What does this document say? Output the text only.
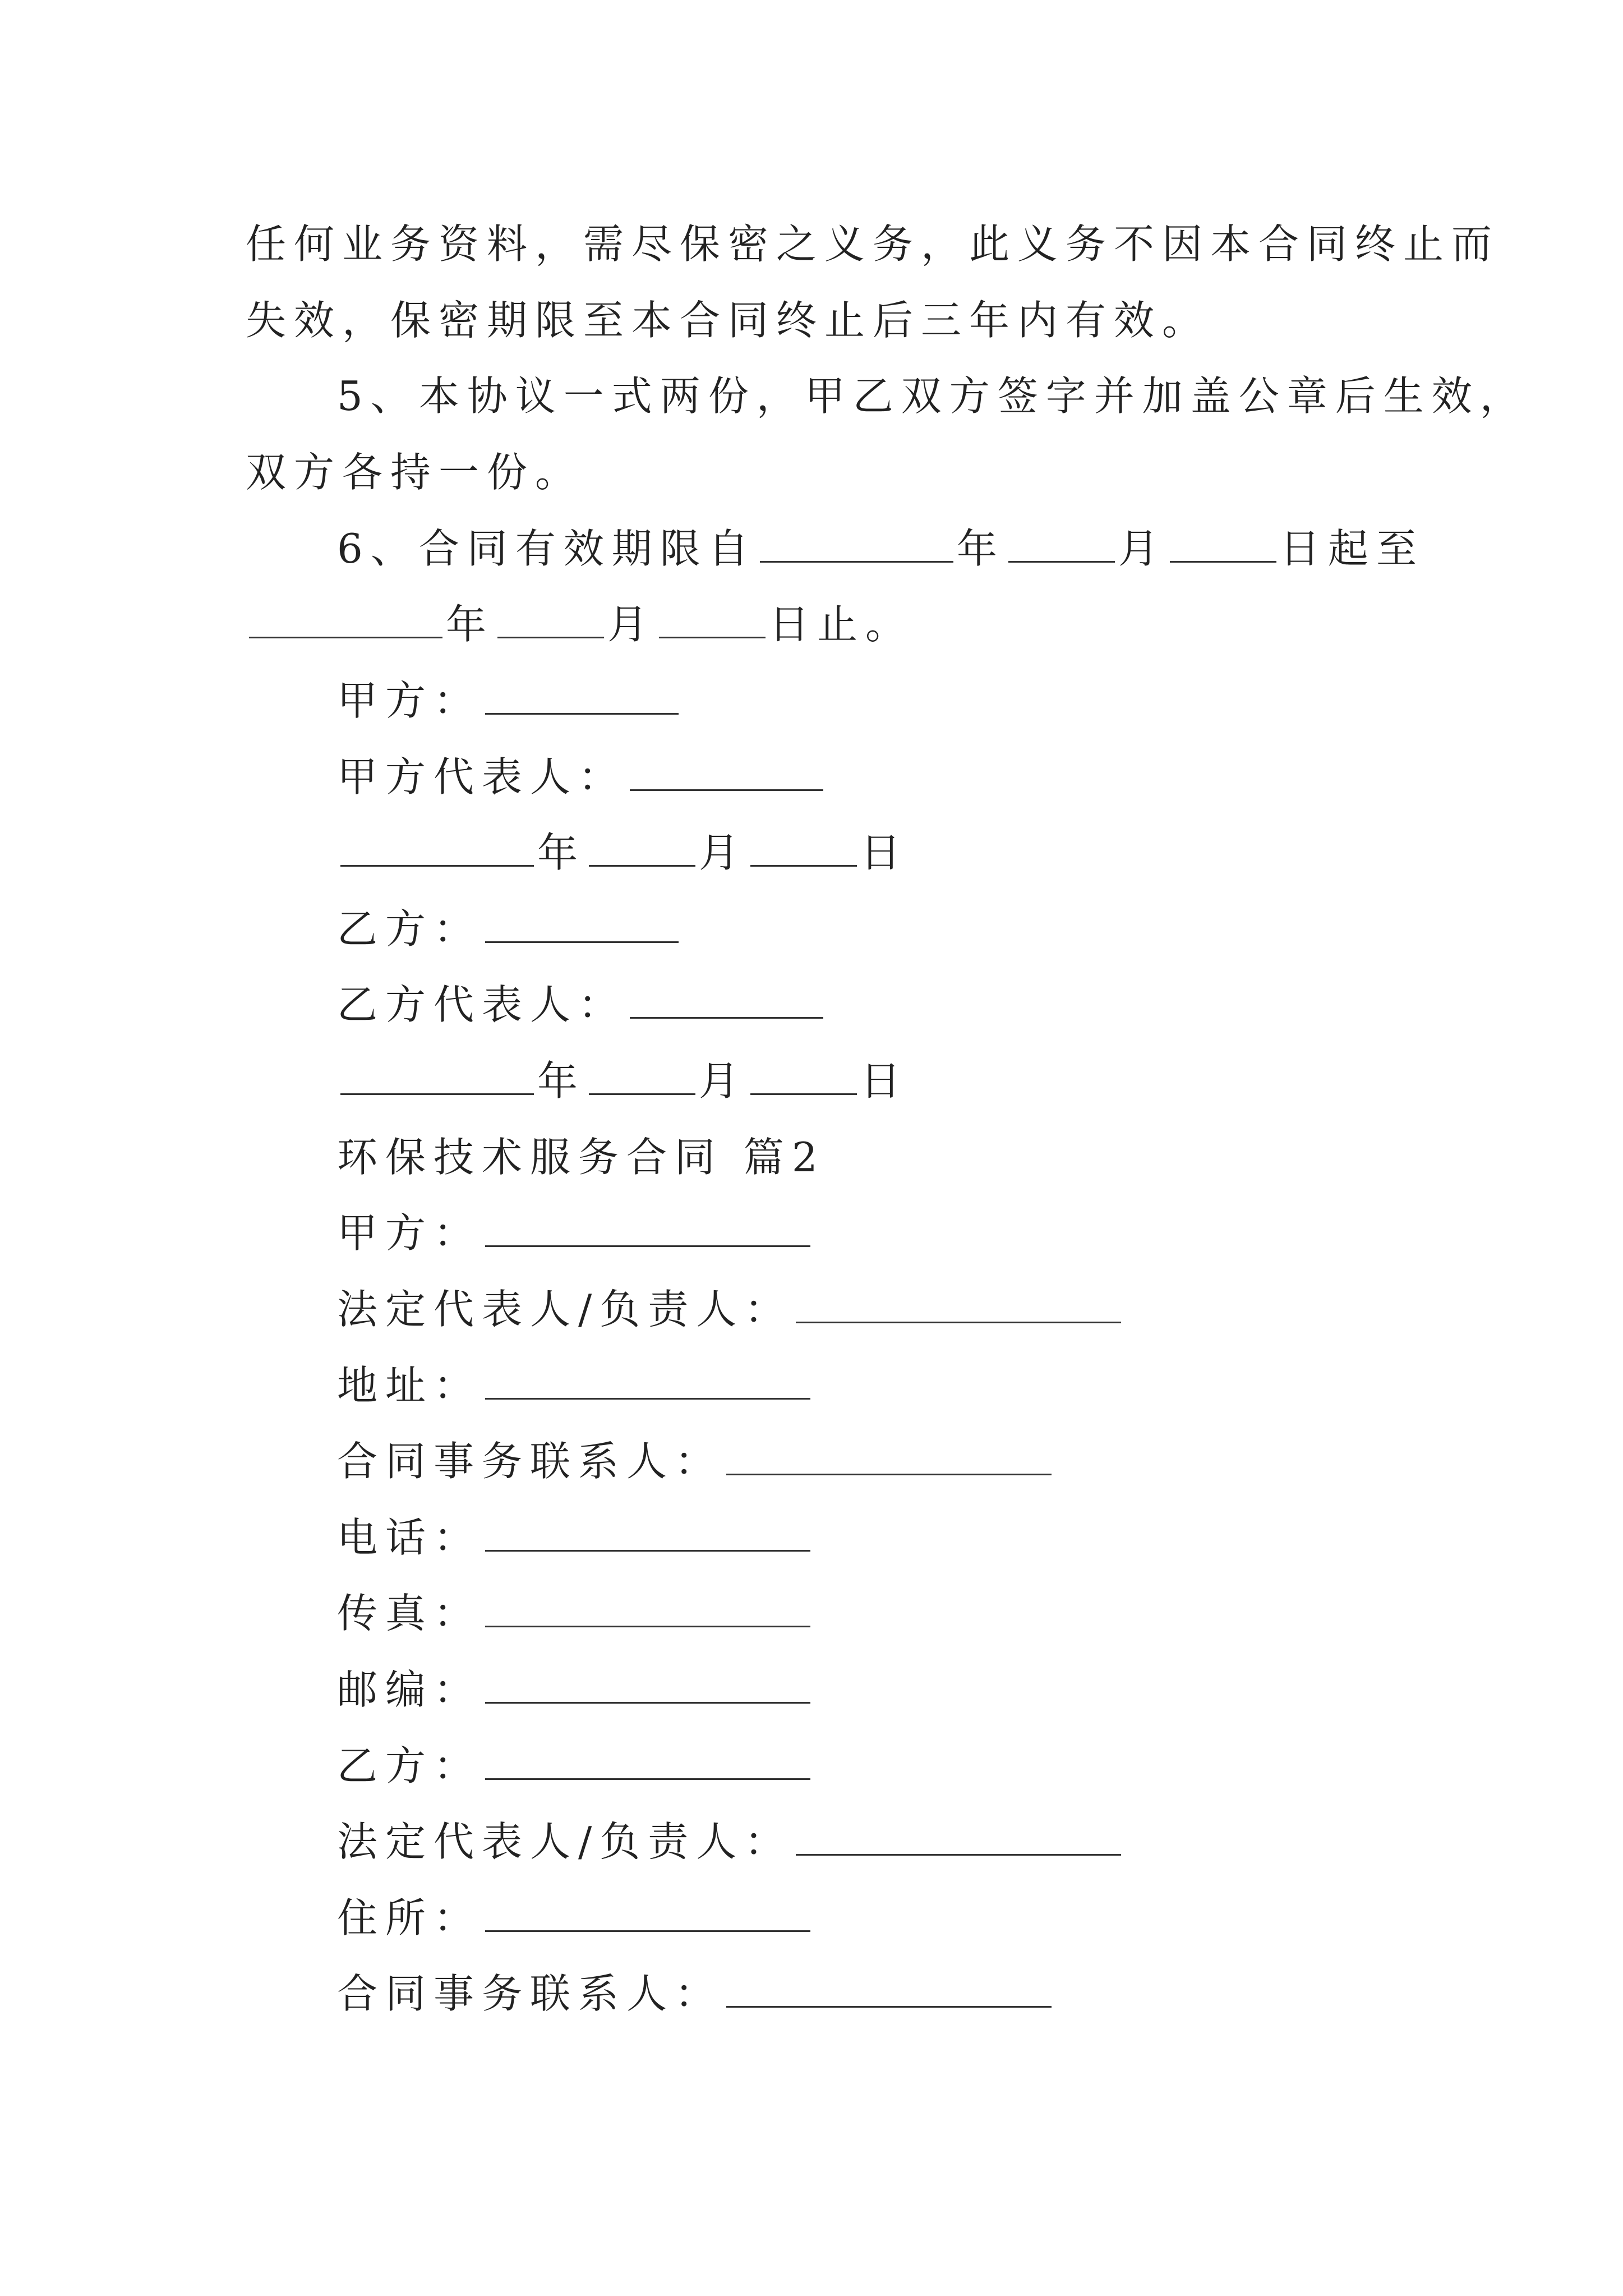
任何业务资料，需尽保密之义务，此义务不因本合同终止而
失效，保密期限至本合同终止后三年内有效。
5、本协议一式两份，甲乙双方签字并加盖公章后生效，
双方各持一份。
6、合同有效期限自	年	月	日起至
年	月	日止。
甲方：
甲方代表人：
年	月	日
乙方：
乙方代表人：
年	月	日
环保技术服务合同 篇2
甲方：
法定代表人/负责人：
地址：
合同事务联系人：
电话：
传真：
邮编：
乙方：
法定代表人/负责人：
住所：
合同事务联系人：
